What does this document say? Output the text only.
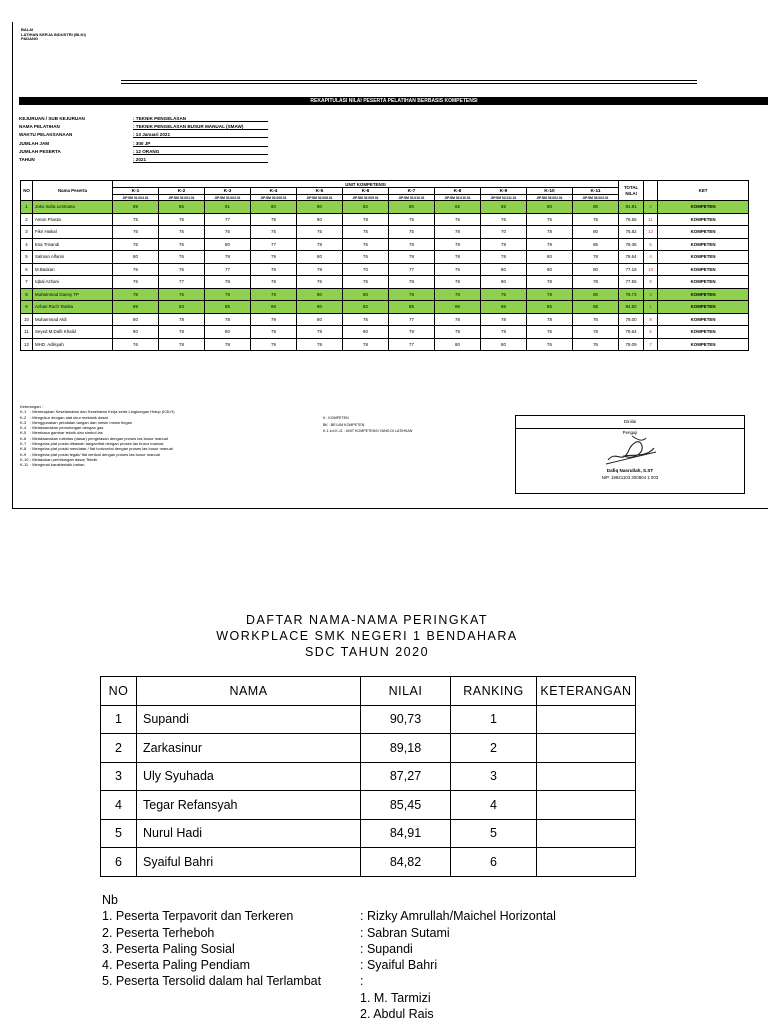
BALAI
LATIHAN KERJA INDUSTRI (BLKI)
PADANG
REKAPITULASI NILAI PESERTA PELATIHAN BERBASIS KOMPETENSI
KEJURUAN / SUB KEJURUAN	: TEKNIK PENGELASAN
NAMA PELATIHAN	: TEKNIK PENGELASAN BUSUR MANUAL (SMAW)
WAKTU PELAKSANAAN	: 13 Januari 2021
JUMLAH JAM	: 300 JP
JUMLAH PESERTA	: 12 ORANG
TAHUN	: 2021
NO	Nama Peserta	UNIT KOMPETENSI											TOTAL NILAI		KET
		K-1	K-2	K-3	K-4	K-5	K-6	K-7	K-8	K-9	K-10	K-11			
		JIP.SM 01.004.01	JIP.SM 02.001.01	JIP.SM 02.003.01	JIP.SM 02.005.01	JIP.SM 02.008.01	JIP.SM 02.009.01	JIP.SM 02.010.01	JIP.SM 02.010.01	JIP.SM 02.011.01	JIP.SM 03.002.01	JIP.SM 03.003.01			
1	Joko Indra Lesmana	89	85	81	80	80	82	80	82	82	80	80	81.91	2	KOMPETEN
2	Anton Prastio	75	76	77	78	80	78	75	76	76	75	76	76.55	11	KOMPETEN
3	Fikri Haikal	76	76	76	75	75	75	75	78	70	78	80	75.82	12	KOMPETEN
4	Esa Trisandi	76	76	80	77	79	76	78	79	79	79	85	78.36	6	KOMPETEN
5	Salman Alfarisi	80	76	78	79	80	76	78	78	78	80	78	78.64	4	KOMPETEN
6	M.Baskan	76	76	77	78	79	70	77	76	80	80	80	77.18	10	KOMPETEN
7	Iqbal Azhani	76	77	78	78	76	76	78	78	80	78	78	77.55	9	KOMPETEN
8	Muhammad Danny TP	78	76	79	79	80	80	78	78	76	78	80	78.73	3	KOMPETEN
9	Azhari Ruch Tamita	89	83	85	88	80	82	85	86	86	85	85	84.82	1	KOMPETEN
10	Muhammad Aldi	80	78	78	79	80	76	77	78	78	78	76	78.00	8	KOMPETEN
11	Seyed M.Dafit Khalid	80	78	80	79	79	80	79	79	79	76	78	78.64	5	KOMPETEN
12	MHD. Adlisyah	76	78	78	79	79	78	77	80	80	76	76	78.09	7	KOMPETEN
Keterangan :
K-1 : Menerapkan Keselamatan dan Kesehatan Kerja serta Lingkungan Hidup (K3LH)
K-2 : Mengukur dengan alat ukur mekanik dasar
K-3 : Menggunakan peralatan tangan dan mesin mesin tingan
K-4 : Melaksanakan pemotongan dengan gas
K-5 : Membaca gambar teknik dan simbol las
K-6 : Melaksanakan rutinitas (dasar) pengelasan dengan proses las busur manual
K-7 : Mengelas plat posisi dibawah tangan/flat dengan proses las busur manual
K-8 : Mengelas plat posisi mendatar / flat horizontal dengan proses las busur manual
K-9 : Mengelas plat posisi tegak/ flat vertical dengan proses las busur manual
K-10 : Melakukan perhitungan dasar Teknik
K-11 : Mengenal karakteristik bahan
K : KOMPETEN
BK : BELUM KOMPETEN
K-1 s.d K-11 : UNIT KOMPETENSI YANG DI LATIHKAN
Dinilai
Penguji
Dafiq Nasrullah, S.ST
NIP. 19821103 200804 1 003
DAFTAR NAMA-NAMA PERINGKAT
WORKPLACE SMK NEGERI 1 BENDAHARA
SDC TAHUN 2020
NO	NAMA	NILAI	RANKING	KETERANGAN
1	Supandi	90,73	1	
2	Zarkasinur	89,18	2	
3	Uly Syuhada	87,27	3	
4	Tegar Refansyah	85,45	4	
5	Nurul Hadi	84,91	5	
6	Syaiful Bahri	84,82	6	
Nb
1. Peserta Terpavorit dan Terkeren	: Rizky Amrullah/Maichel Horizontal
2. Peserta Terheboh	: Sabran Sutami
3. Peserta Paling Sosial	: Supandi
4. Peserta Paling Pendiam	: Syaiful Bahri
5. Peserta Tersolid dalam hal Terlambat	:
1. M. Tarmizi
2. Abdul Rais
